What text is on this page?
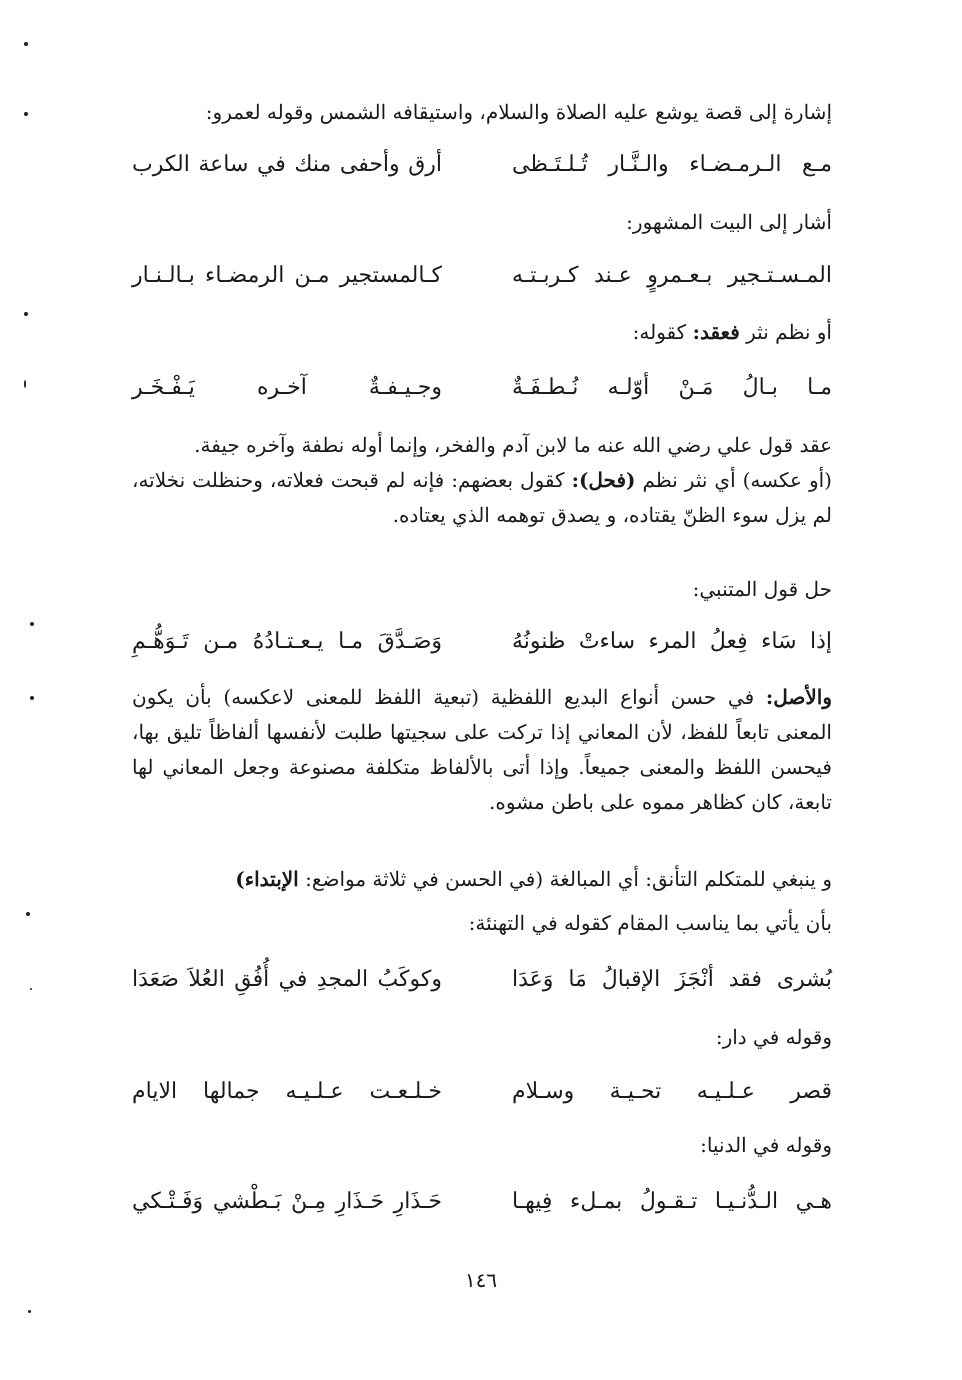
إشارة إلى قصة يوشع عليه الصلاة والسلام، واستيقافه الشمس وقوله لعمرو:
مـع الـرمـضـاء والـنَّـار تُـلـتَـظى
أرق وأحفى منك في ساعة الكرب
أشار إلى البيت المشهور:
المـسـتـجير بـعـمروٍ عـند كـربـتـه
كـالمستجير مـن الرمضـاء بـالـنـار
أو نظم نثر فعقد: كقوله:
مـا بـالُ مَـنْ أوّلـه نُـطـفَـةٌ
وجـيـفـةٌ آخـره يَـفْـخَـر
عقد قول علي رضي الله عنه ما لابن آدم والفخر، وإنما أوله نطفة وآخره جيفة.
(أو عكسه) أي نثر نظم (فحل): كقول بعضهم: فإنه لم قبحت فعلاته، وحنظلت نخلاته، لم يزل سوء الظنّ يقتاده، و يصدق توهمه الذي يعتاده.
حل قول المتنبي:
إذا سَاء فِعلُ المرء ساءتْ ظنونُهُ
وَصَـدَّقَ مـا يـعـتـادُهُ مـن تَـوَهُّـمِ
والأصل: في حسن أنواع البديع اللفظية (تبعية اللفظ للمعنى لاعكسه) بأن يكون المعنى تابعاً للفظ، لأن المعاني إذا تركت على سجيتها طلبت لأنفسها ألفاظاً تليق بها، فيحسن اللفظ والمعنى جميعاً. وإذا أتى بالألفاظ متكلفة مصنوعة وجعل المعاني لها تابعة، كان كظاهر مموه على باطن مشوه.
و ينبغي للمتكلم التأنق: أي المبالغة (في الحسن في ثلاثة مواضع: الإبتداء)
بأن يأتي بما يناسب المقام كقوله في التهنئة:
بُشرى فقد أنْجَزَ الإقبالُ مَا وَعَدَا
وكوكَبُ المجدِ في أُفُقِ العُلاَ صَعَدَا
وقوله في دار:
قصر عـلـيـه تحـيـة وسـلام
خـلـعـت عـلـيـه جمالها الايام
وقوله في الدنيا:
هـي الـدُّنـيـا تـقـولُ بمـلء فِيهـا
حَـذَارِ حَـذَارِ مِـنْ بَـطْشي وَفَـتْـكي
١٤٦
